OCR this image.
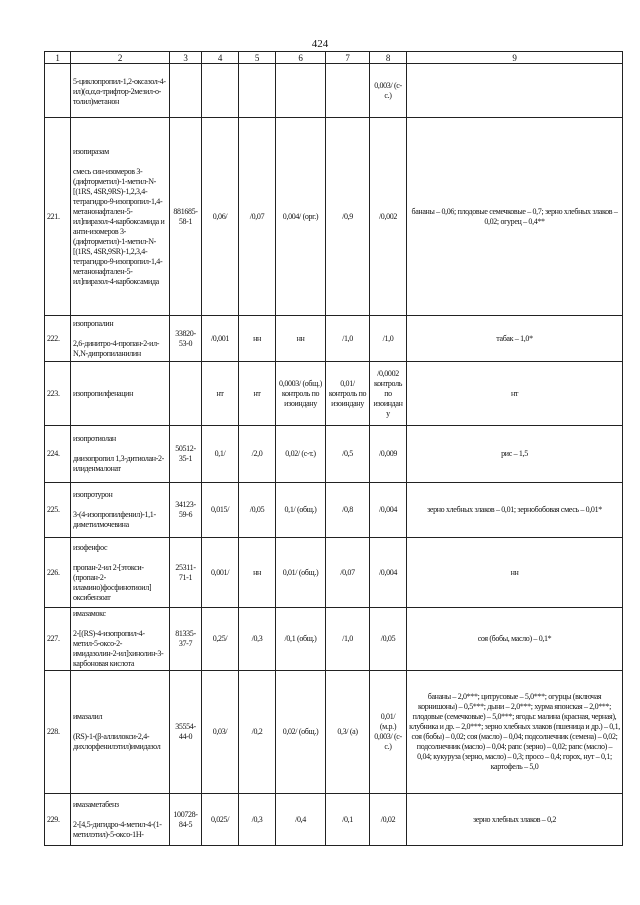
424
1	2	3	4	5	6	7	8	9

	5-циклопропил-1,2-оксазол-4-ил)(α,α,α-трифтор-2мезил-о-толил)метанон						0,003/ (с-с.)	

221.	изопиразам
смесь син-изомеров 3-(дифторметил)-1-метил-N-[(1RS, 4SR,9RS)-1,2,3,4-тетрагидро-9-изопропил-1,4-метанонафтален-5-ил]пиразол-4-карбоксамида и анти-изомеров 3-(дифторметил)-1-метил-N-[(1RS, 4SR,9SR)-1,2,3,4-тетрагидро-9-изопропил-1,4-метанонафтален-5-ил]пиразол-4-карбоксамида	881685-58-1	0,06/	/0,07	0,004/ (орг.)	/0,9	/0,002	бананы – 0,06; плодовые семечковые – 0,7; зерно хлебных злаков – 0,02; огурец – 0,4**

222.	изопропалин
2,6-динитро-4-пропан-2-ил-N,N-дипропиланилин	33820-53-0	/0,001	нн	нн	/1,0	/1,0	табак – 1,0*

223.	изопропилфенацин		нт	нт	0,0003/ (общ.) контроль по изоиндану	0,01/ контроль по изоиндану	/0,0002 контроль по изоиндан у	нт

224.	изопротиолан
диизопропил 1,3-дитиолан-2-илиденмалонат	50512-35-1	0,1/	/2,0	0,02/ (с-т.)	/0,5	/0,009	рис – 1,5

225.	изопротурон
3-(4-изопропилфенил)-1,1-диметилмочевина	34123-59-6	0,015/	/0,05	0,1/ (общ.)	/0,8	/0,004	зерно хлебных злаков – 0,01; зернобобовая смесь – 0,01*

226.	изофенфос
пропан-2-ил 2-[этокси-(пропан-2-иламино)фосфинотиоил] оксибензоат	25311-71-1	0,001/	нн	0,01/ (общ.)	/0,07	/0,004	нн

227.	имазамокс
2-[(RS)-4-изопропил-4-метил-5-оксо-2-имидазолин-2-ил]хинолин-3-карбоновая кислота	81335-37-7	0,25/	/0,3	/0,1 (общ.)	/1,0	/0,05	соя (бобы, масло) – 0,1*

228.	имазалил
(RS)-1-(β-аллилокси-2,4-дихлорфенилэтил)имидазол	35554-44-0	0,03/	/0,2	0,02/ (общ.)	0,3/ (а)	0,01/ (м.р.) 0,003/ (с-с.)	бананы – 2,0***; цитрусовые – 5,0***; огурцы (включая корнишоны) – 0,5***; дыни – 2,0***; хурма японская – 2,0***; плодовые (семечковые) – 5,0***; ягоды: малина (красная, черная), клубника и др. – 2,0***; зерно хлебных злаков (пшеница и др.) – 0,1, соя (бобы) – 0,02; соя (масло) – 0,04; подсолнечник (семена) – 0,02; подсолнечник (масло) – 0,04; рапс (зерно) – 0,02; рапс (масло) – 0,04; кукуруза (зерно, масло) – 0,3; просо – 0,4; горох, нут – 0,1; картофель – 5,0

229.	имазаметабенз
2-[4,5-дигидро-4-метил-4-(1-метилэтил)-5-оксо-1Н-	100728-84-5	0,025/	/0,3	/0,4	/0,1	/0,02	зерно хлебных злаков – 0,2
